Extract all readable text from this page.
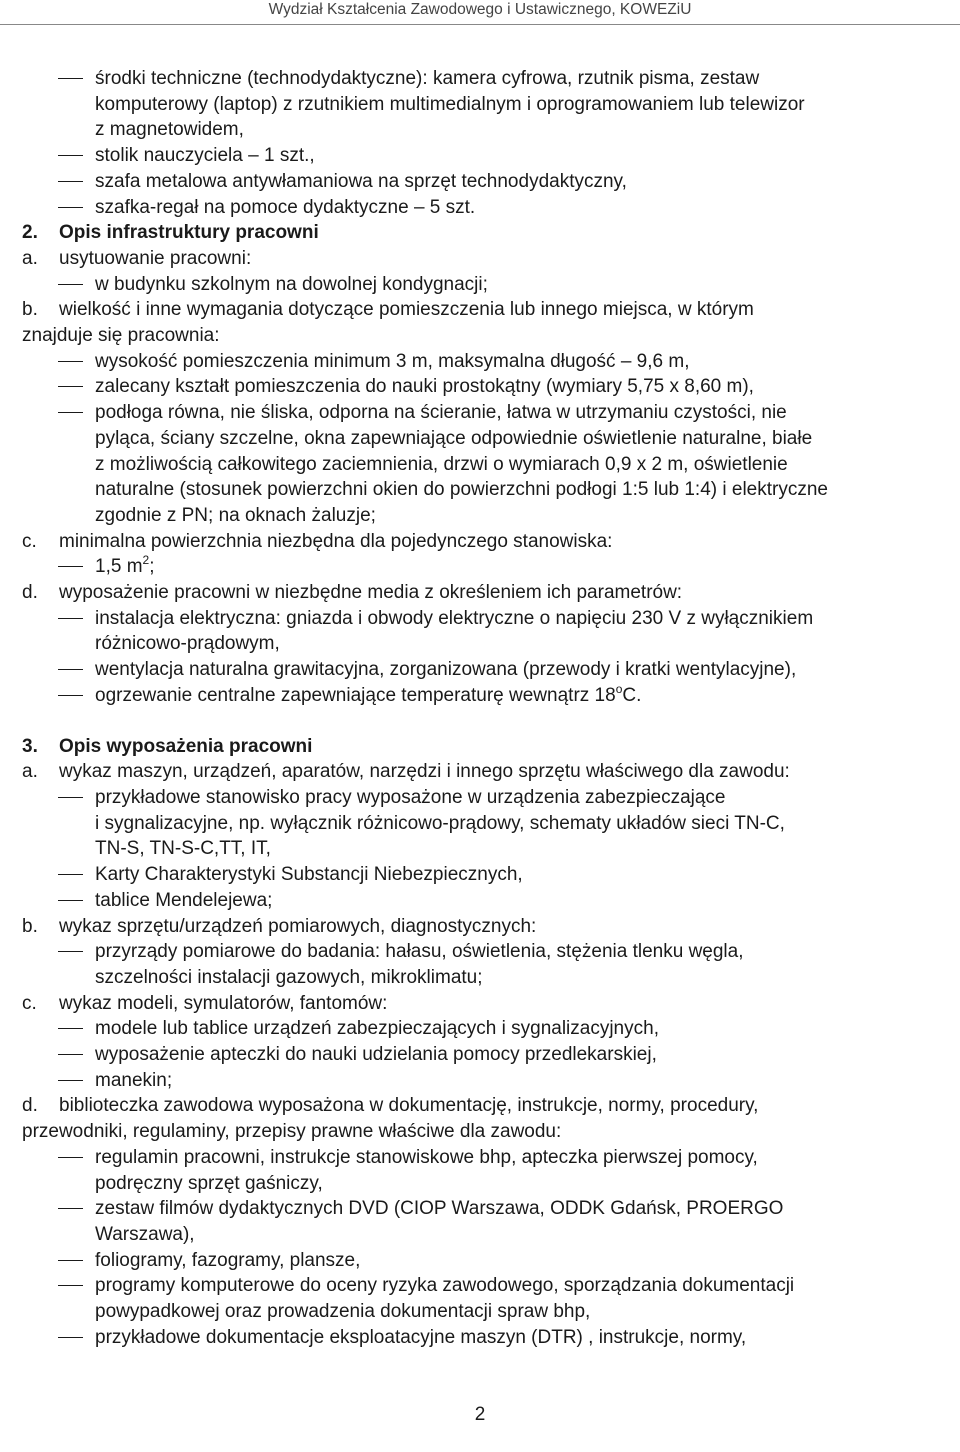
Wydział Kształcenia Zawodowego i Ustawicznego, KOWEZiU
środki techniczne (technodydaktyczne): kamera cyfrowa, rzutnik pisma, zestaw
komputerowy (laptop) z rzutnikiem multimedialnym i oprogramowaniem lub telewizor
z magnetowidem,
stolik nauczyciela – 1 szt.,
szafa metalowa antywłamaniowa na sprzęt technodydaktyczny,
szafka-regał na pomoce dydaktyczne – 5 szt.
2. Opis infrastruktury pracowni
a. usytuowanie pracowni:
w budynku szkolnym na dowolnej kondygnacji;
b. wielkość i inne wymagania dotyczące pomieszczenia lub innego miejsca, w którym
znajduje się pracownia:
wysokość pomieszczenia minimum 3 m, maksymalna długość – 9,6 m,
zalecany kształt pomieszczenia do nauki prostokątny (wymiary 5,75 x 8,60 m),
podłoga równa, nie śliska, odporna na ścieranie, łatwa w utrzymaniu czystości, nie
pyląca, ściany szczelne, okna zapewniające odpowiednie oświetlenie naturalne, białe
z możliwością całkowitego zaciemnienia, drzwi o wymiarach 0,9 x 2 m, oświetlenie
naturalne (stosunek powierzchni okien do powierzchni podłogi 1:5 lub 1:4) i elektryczne
zgodnie z PN; na oknach żaluzje;
c. minimalna powierzchnia niezbędna dla pojedynczego stanowiska:
1,5 $m^2$;
d. wyposażenie pracowni w niezbędne media z określeniem ich parametrów:
instalacja elektryczna: gniazda i obwody elektryczne o napięciu 230 V z wyłącznikiem
różnicowo-prądowym,
wentylacja naturalna grawitacyjna, zorganizowana (przewody i kratki wentylacyjne),
ogrzewanie centralne zapewniające temperaturę wewnątrz 18$^o$C.
3. Opis wyposażenia pracowni
a. wykaz maszyn, urządzeń, aparatów, narzędzi i innego sprzętu właściwego dla zawodu:
przykładowe stanowisko pracy wyposażone w urządzenia zabezpieczające
i sygnalizacyjne, np. wyłącznik różnicowo-prądowy, schematy układów sieci TN-C,
TN-S, TN-S-C,TT, IT,
Karty Charakterystyki Substancji Niebezpiecznych,
tablice Mendelejewa;
b. wykaz sprzętu/urządzeń pomiarowych, diagnostycznych:
przyrządy pomiarowe do badania: hałasu, oświetlenia, stężenia tlenku węgla,
szczelności instalacji gazowych, mikroklimatu;
c. wykaz modeli, symulatorów, fantomów:
modele lub tablice urządzeń zabezpieczających i sygnalizacyjnych,
wyposażenie apteczki do nauki udzielania pomocy przedlekarskiej,
manekin;
d. biblioteczka zawodowa wyposażona w dokumentację, instrukcje, normy, procedury,
przewodniki, regulaminy, przepisy prawne właściwe dla zawodu:
regulamin pracowni, instrukcje stanowiskowe bhp, apteczka pierwszej pomocy,
podręczny sprzęt gaśniczy,
zestaw filmów dydaktycznych DVD (CIOP Warszawa, ODDK Gdańsk, PROERGO
Warszawa),
foliogramy, fazogramy, plansze,
programy komputerowe do oceny ryzyka zawodowego, sporządzania dokumentacji
powypadkowej oraz prowadzenia dokumentacji spraw bhp,
przykładowe dokumentacje eksploatacyjne maszyn (DTR) , instrukcje, normy,
2
